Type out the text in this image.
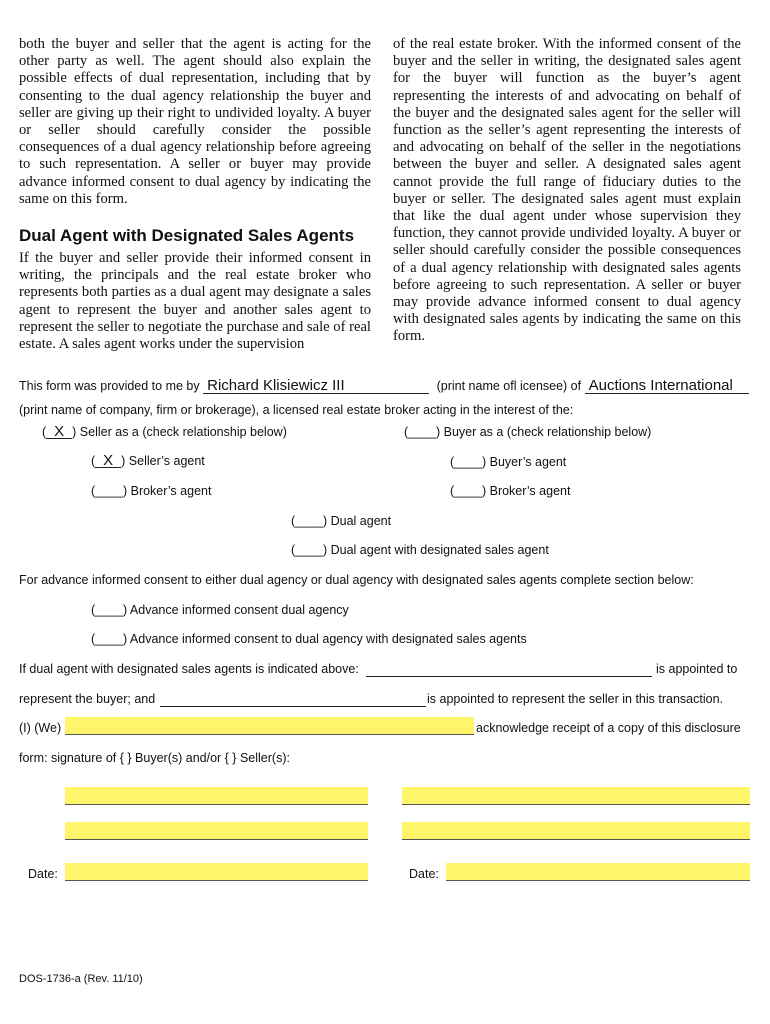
both the buyer and seller that the agent is acting for the other party as well. The agent should also explain the possible effects of dual representation, including that by consenting to the dual agency relationship the buyer and seller are giving up their right to undivided loyalty. A buyer or seller should carefully consider the possible consequences of a dual agency relationship before agreeing to such representation. A seller or buyer may provide advance informed consent to dual agency by indicating the same on this form.

Dual Agent with Designated Sales Agents

If the buyer and seller provide their informed consent in writing, the principals and the real estate broker who represents both parties as a dual agent may designate a sales agent to represent the buyer and another sales agent to represent the seller to negotiate the purchase and sale of real estate. A sales agent works under the supervision

of the real estate broker. With the informed consent of the buyer and the seller in writing, the designated sales agent for the buyer will function as the buyer’s agent representing the interests of and advocating on behalf of the buyer and the designated sales agent for the seller will function as the seller’s agent representing the interests of and advocating on behalf of the seller in the negotiations between the buyer and seller. A designated sales agent cannot provide the full range of fiduciary duties to the buyer or seller. The designated sales agent must explain that like the dual agent under whose supervision they function, they cannot provide undivided loyalty. A buyer or seller should carefully consider the possible consequences of a dual agency relationship with designated sales agents before agreeing to such representation. A seller or buyer may provide advance informed consent to dual agency with designated sales agents by indicating the same on this form.

This form was provided to me by Richard Klisiewicz III	(print name ofl icensee) of Auctions International
(print name of company, firm or brokerage), a licensed real estate broker acting in the interest of the:
( X ) Seller as a (check relationship below)	(____) Buyer as a (check relationship below)
( X ) Seller’s agent	(____) Buyer’s agent
(____) Broker’s agent	(____) Broker’s agent
(____) Dual agent
(____) Dual agent with designated sales agent
For advance informed consent to either dual agency or dual agency with designated sales agents complete section below:
(____) Advance informed consent dual agency
(____) Advance informed consent to dual agency with designated sales agents
If dual agent with designated sales agents is indicated above:	is appointed to
represent the buyer; and	is appointed to represent the seller in this transaction.
(I) (We)	acknowledge receipt of a copy of this disclosure
form: signature of { } Buyer(s) and/or { } Seller(s):
Date:	Date:
DOS-1736-a (Rev. 11/10)
